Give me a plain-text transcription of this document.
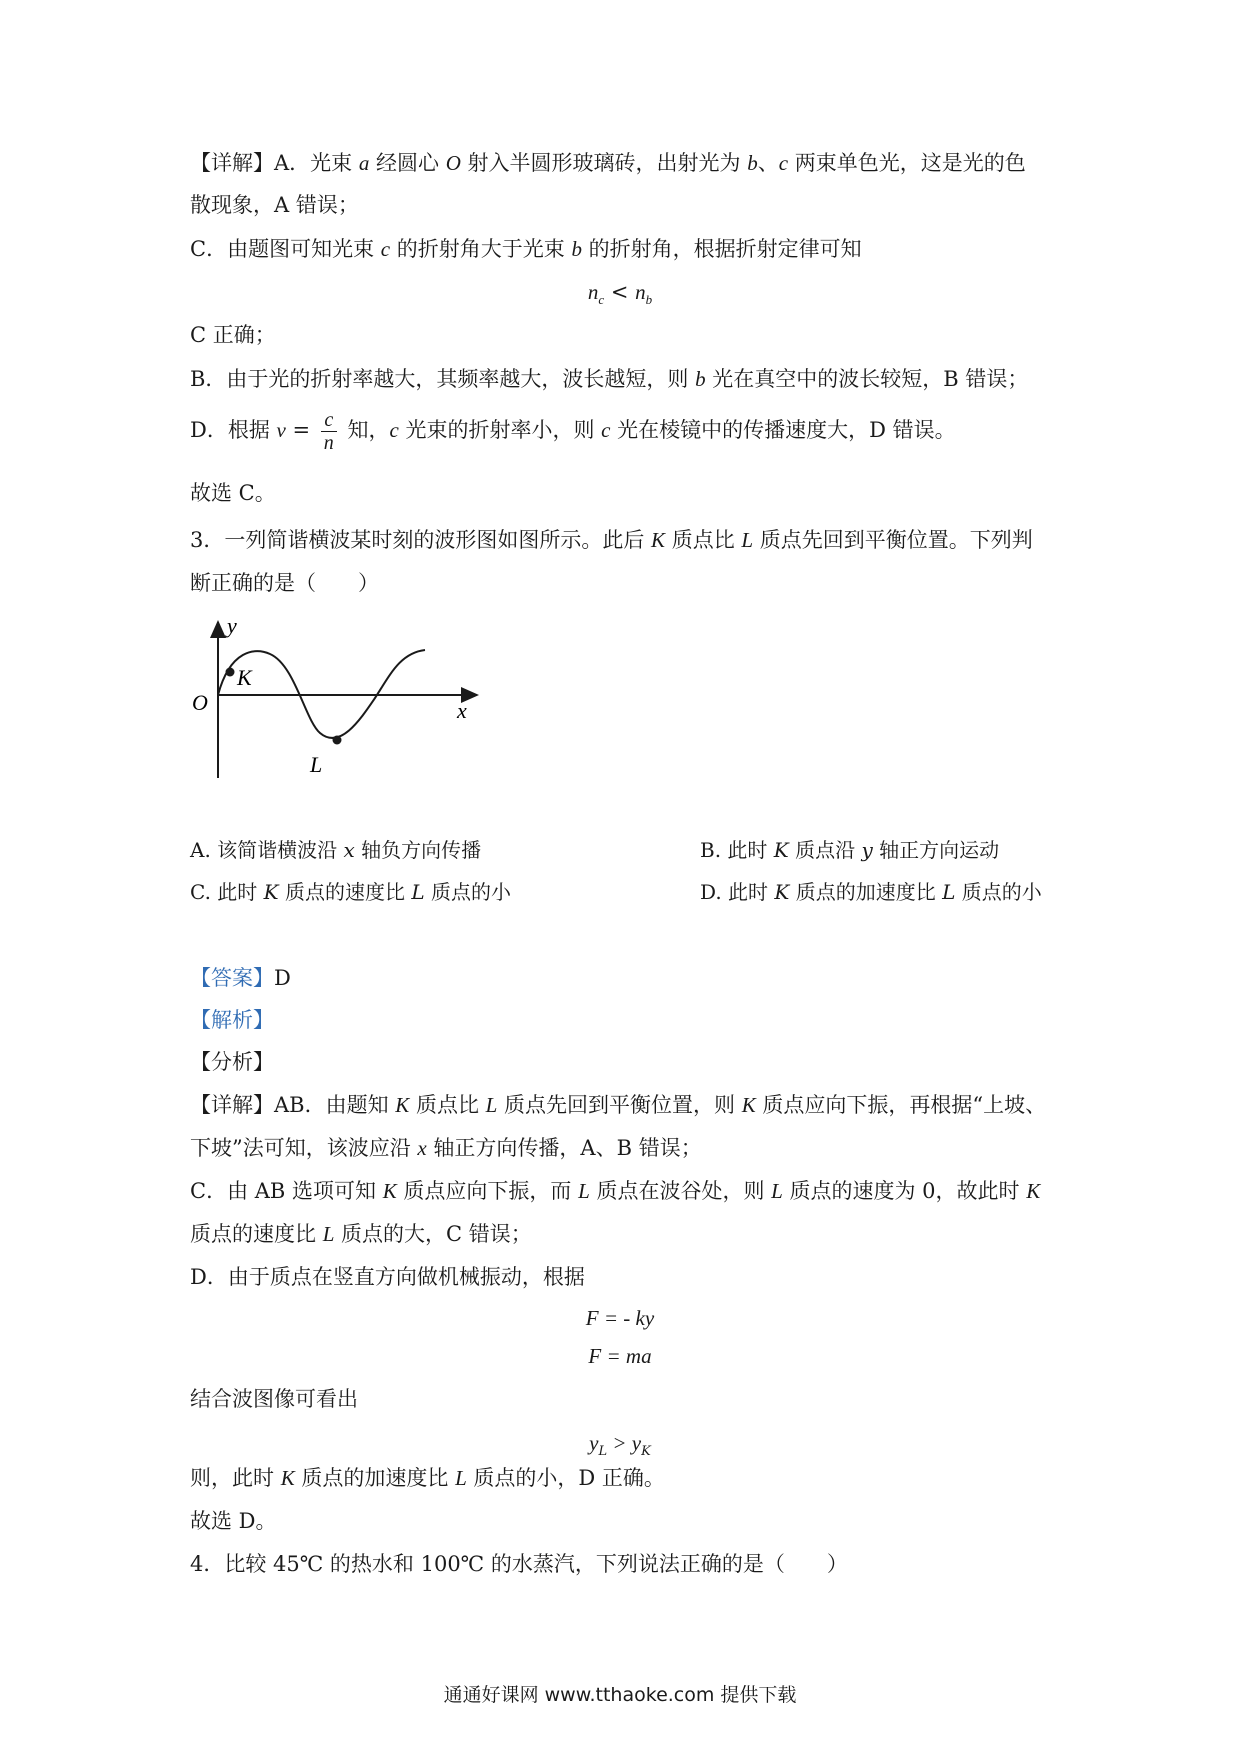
【详解】A．光束 a 经圆心 O 射入半圆形玻璃砖，出射光为 b、c 两束单色光，这是光的色
散现象，A 错误；
C．由题图可知光束 c 的折射角大于光束 b 的折射角，根据折射定律可知
$n_c < n_b$
C 正确；
B．由于光的折射率越大，其频率越大，波长越短，则 b 光在真空中的波长较短，B 错误；
D．根据 $v = \frac{c}{n}$ 知，c 光束的折射率小，则 c 光在棱镜中的传播速度大，D 错误。
故选 C。
3．一列简谐横波某时刻的波形图如图所示。此后 K 质点比 L 质点先回到平衡位置。下列判
断正确的是（　　）
y
x
O
K
L
A. 该简谐横波沿 x 轴负方向传播	B. 此时 K 质点沿 y 轴正方向运动
C. 此时 K 质点的速度比 L 质点的小	D. 此时 K 质点的加速度比 L 质点的小
【答案】D
【解析】
【分析】
【详解】AB．由题知 K 质点比 L 质点先回到平衡位置，则 K 质点应向下振，再根据“上坡、
下坡”法可知，该波应沿 x 轴正方向传播，A、B 错误；
C．由 AB 选项可知 K 质点应向下振，而 L 质点在波谷处，则 L 质点的速度为 0，故此时 K
质点的速度比 L 质点的大，C 错误；
D．由于质点在竖直方向做机械振动，根据
F = - ky
F = ma
结合波图像可看出
$y_L > y_K$
则，此时 K 质点的加速度比 L 质点的小，D 正确。
故选 D。
4．比较 45℃ 的热水和 100℃ 的水蒸汽，下列说法正确的是（　　）
通通好课网 www.tthaoke.com 提供下载
